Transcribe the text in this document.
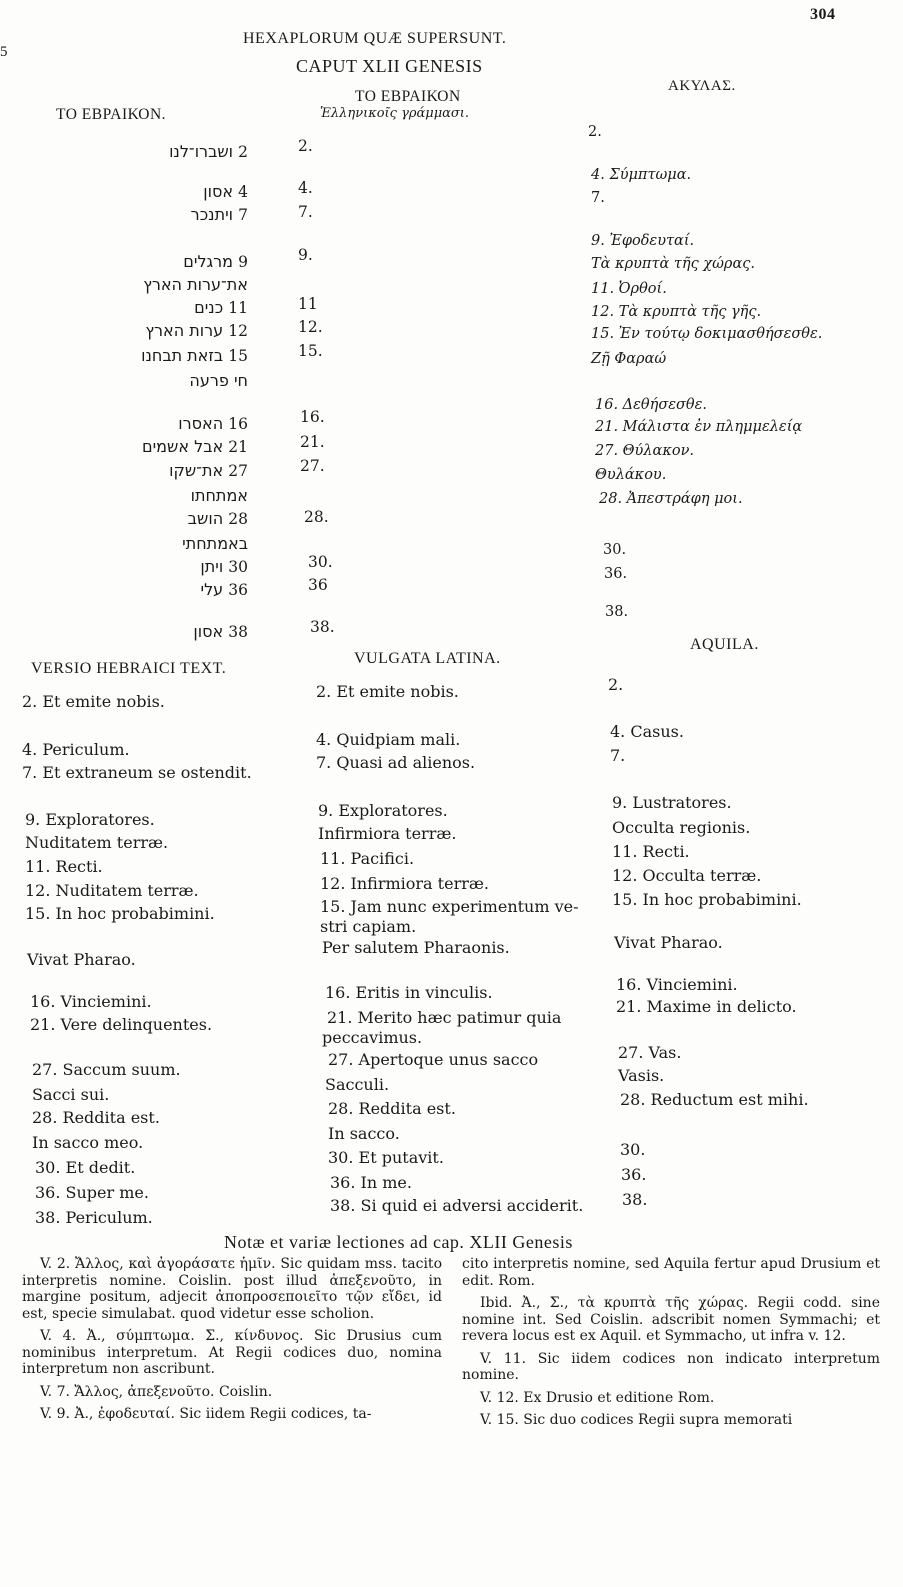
5
HEXAPLORUM QUÆ SUPERSUNT.
304
CAPUT XLII GENESIS
ΤΟ ΕΒΡΑΙΚΟΝ.
ΤΟ ΕΒΡΑΙΚΟΝ
Ἑλληνικοῖς γράμμασι.
ΑΚΥΛΑΣ.
ושברו־לנו 2
אסון 4
ויתנכר 7
מרגלים 9
את־ערות הארץ
כנים 11
ערות הארץ 12
בזאת תבחנו 15
חי פרעה
האסרו 16
אבל אשמים 21
את־שקו 27
אמתחתו
הושב 28
באמתחתי
ויתן 30
עלי 36
אסון 38
2.
4.
7.
9.
11
12.
15.
16.
21.
27.
28.
30.
36
38.
2.
4. Σύμπτωμα.
7.
9. Ἐφοδευταί.
Τὰ κρυπτὰ τῆς χώρας.
11. Ὀρθοί.
12. Τὰ κρυπτὰ τῆς γῆς.
15. Ἐν τούτῳ δοκιμασθήσεσθε.
Ζῇ Φαραώ
16. Δεθήσεσθε.
21. Μάλιστα ἐν πλημμελείᾳ
27. Θύλακον.
Θυλάκου.
28. Ἀπεστράφη μοι.
30.
36.
38.
VERSIO HEBRAICI TEXT.
VULGATA LATINA.
AQUILA.
2. Et emite nobis.
4. Periculum.
7. Et extraneum se ostendit.
9. Exploratores.
Nuditatem terræ.
11. Recti.
12. Nuditatem terræ.
15. In hoc probabimini.
Vivat Pharao.
16. Vinciemini.
21. Vere delinquentes.
27. Saccum suum.
Sacci sui.
28. Reddita est.
In sacco meo.
30. Et dedit.
36. Super me.
38. Periculum.
2. Et emite nobis.
4. Quidpiam mali.
7. Quasi ad alienos.
9. Exploratores.
Infirmiora terræ.
11. Pacifici.
12. Infirmiora terræ.
15. Jam nunc experimentum ve-
stri capiam.
Per salutem Pharaonis.
16. Eritis in vinculis.
21. Merito hæc patimur quia
peccavimus.
27. Apertoque unus sacco
Sacculi.
28. Reddita est.
In sacco.
30. Et putavit.
36. In me.
38. Si quid ei adversi acciderit.
2.
4. Casus.
7.
9. Lustratores.
Occulta regionis.
11. Recti.
12. Occulta terræ.
15. In hoc probabimini.
Vivat Pharao.
16. Vinciemini.
21. Maxime in delicto.
27. Vas.
Vasis.
28. Reductum est mihi.
30.
36.
38.
Notæ et variæ lectiones ad cap. XLII Genesis

V. 2. Ἄλλος, καὶ ἀγοράσατε ἡμῖν. Sic quidam mss. tacito interpretis nomine. Coislin. post illud ἀπεξενοῦτο, in margine positum, adjecit ἀποπροσεποιεῖτο τῷν εἴδει, id est, specie simulabat. quod videtur esse scholion.

V. 4. Ἀ., σύμπτωμα. Σ., κίνδυνος. Sic Drusius cum nominibus interpretum. At Regii codices duo, nomina interpretum non ascribunt.

V. 7. Ἄλλος, ἀπεξενοῦτο. Coislin.

V. 9. Ἀ., ἐφοδευταί. Sic iidem Regii codices, ta-

cito interpretis nomine, sed Aquila fertur apud Drusium et edit. Rom.

Ibid. Ἀ., Σ., τὰ κρυπτὰ τῆς χώρας. Regii codd. sine nomine int. Sed Coislin. adscribit nomen Symmachi; et revera locus est ex Aquil. et Symmacho, ut infra v. 12.

V. 11. Sic iidem codices non indicato interpretum nomine.

V. 12. Ex Drusio et editione Rom.

V. 15. Sic duo codices Regii supra memorati
